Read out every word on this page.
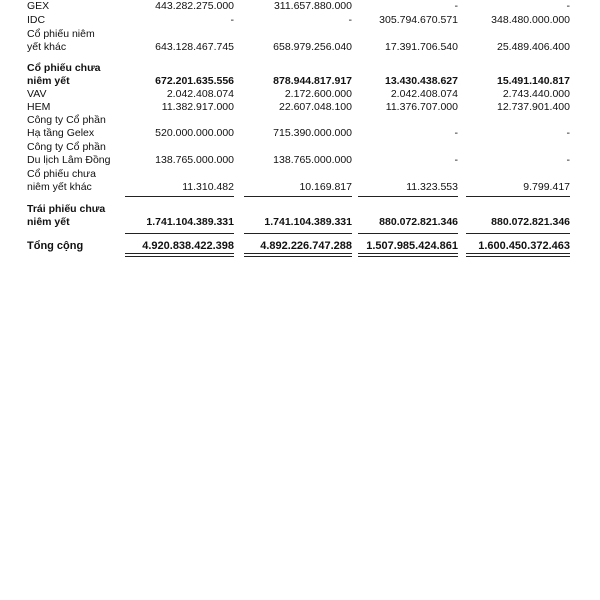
GEX	443.282.275.000	311.657.880.000	-	-
IDC	-	-	305.794.670.571	348.480.000.000
Cổ phiếu niêm
yết khác	643.128.467.745	658.979.256.040	17.391.706.540	25.489.406.400
Cổ phiếu chưa
niêm yết	672.201.635.556	878.944.817.917	13.430.438.627	15.491.140.817
VAV	2.042.408.074	2.172.600.000	2.042.408.074	2.743.440.000
HEM	11.382.917.000	22.607.048.100	11.376.707.000	12.737.901.400
Công ty Cổ phần
Hạ tầng Gelex	520.000.000.000	715.390.000.000	-	-
Công ty Cổ phần
Du lịch Lâm Đồng	138.765.000.000	138.765.000.000	-	-
Cổ phiếu chưa
niêm yết khác	11.310.482	10.169.817	11.323.553	9.799.417
Trái phiếu chưa
niêm yết	1.741.104.389.331	1.741.104.389.331	880.072.821.346	880.072.821.346
Tổng cộng	4.920.838.422.398 4.892.226.747.288 1.507.985.424.861 1.600.450.372.463
